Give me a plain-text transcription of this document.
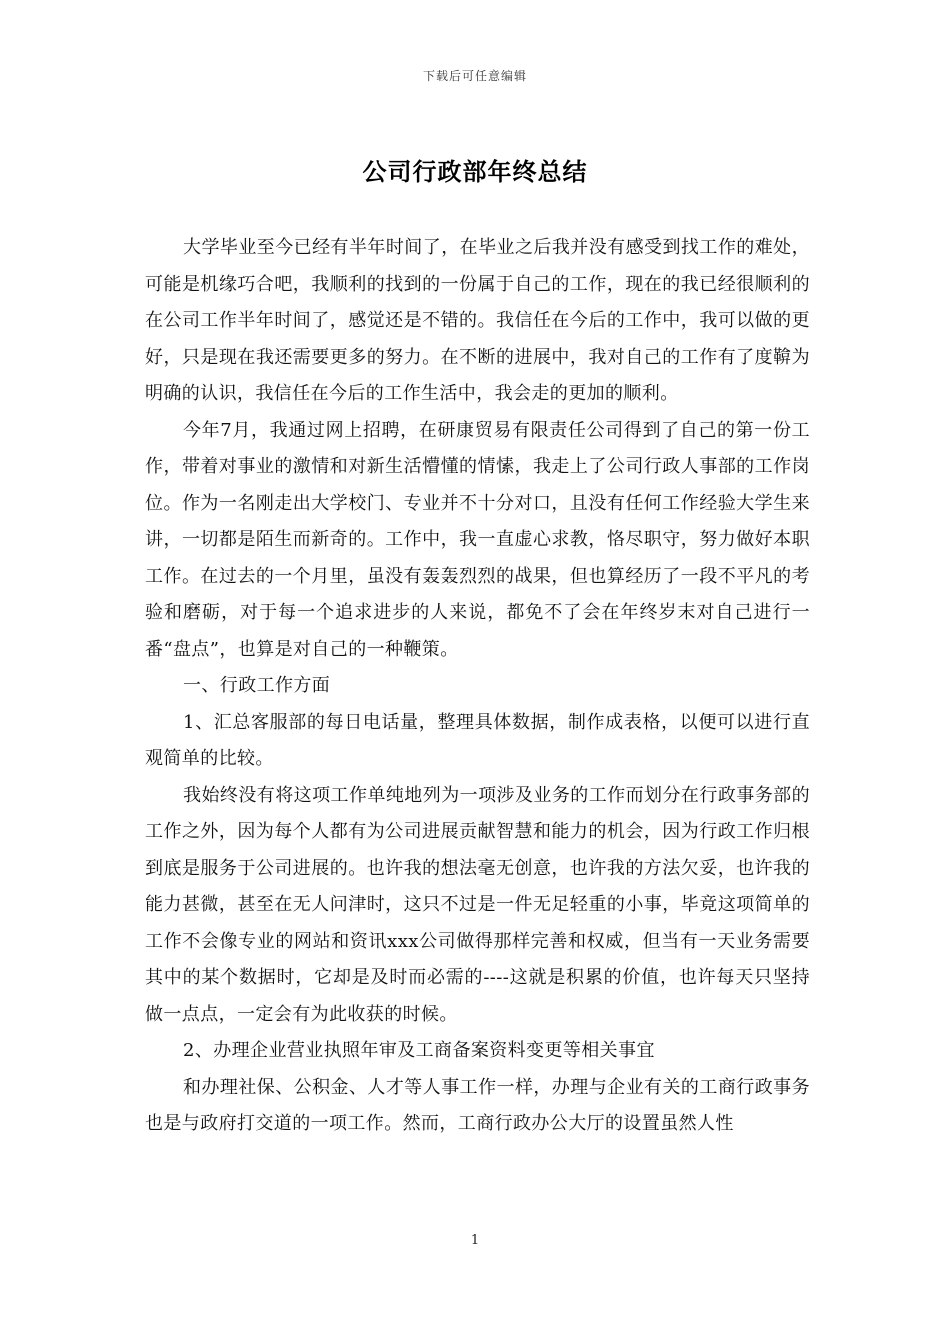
下载后可任意编辑
公司行政部年终总结

大学毕业至今已经有半年时间了，在毕业之后我并没有感受到找工作的难处，可能是机缘巧合吧，我顺利的找到的一份属于自己的工作，现在的我已经很顺利的在公司工作半年时间了，感觉还是不错的。我信任在今后的工作中，我可以做的更好，只是现在我还需要更多的努力。在不断的进展中，我对自己的工作有了度鞥为明确的认识，我信任在今后的工作生活中，我会走的更加的顺利。

今年7月，我通过网上招聘，在研康贸易有限责任公司得到了自己的第一份工作，带着对事业的激情和对新生活懵懂的情愫，我走上了公司行政人事部的工作岗位。作为一名刚走出大学校门、专业并不十分对口，且没有任何工作经验大学生来讲，一切都是陌生而新奇的。工作中，我一直虚心求教，恪尽职守，努力做好本职工作。在过去的一个月里，虽没有轰轰烈烈的战果，但也算经历了一段不平凡的考验和磨砺，对于每一个追求进步的人来说，都免不了会在年终岁末对自己进行一番“盘点”，也算是对自己的一种鞭策。

一、行政工作方面

1、汇总客服部的每日电话量，整理具体数据，制作成表格，以便可以进行直观简单的比较。

我始终没有将这项工作单纯地列为一项涉及业务的工作而划分在行政事务部的工作之外，因为每个人都有为公司进展贡献智慧和能力的机会，因为行政工作归根到底是服务于公司进展的。也许我的想法毫无创意，也许我的方法欠妥，也许我的能力甚微，甚至在无人问津时，这只不过是一件无足轻重的小事，毕竟这项简单的工作不会像专业的网站和资讯xxx公司做得那样完善和权威，但当有一天业务需要其中的某个数据时，它却是及时而必需的----这就是积累的价值，也许每天只坚持做一点点，一定会有为此收获的时候。

2、办理企业营业执照年审及工商备案资料变更等相关事宜

和办理社保、公积金、人才等人事工作一样，办理与企业有关的工商行政事务也是与政府打交道的一项工作。然而，工商行政办公大厅的设置虽然人性

1
